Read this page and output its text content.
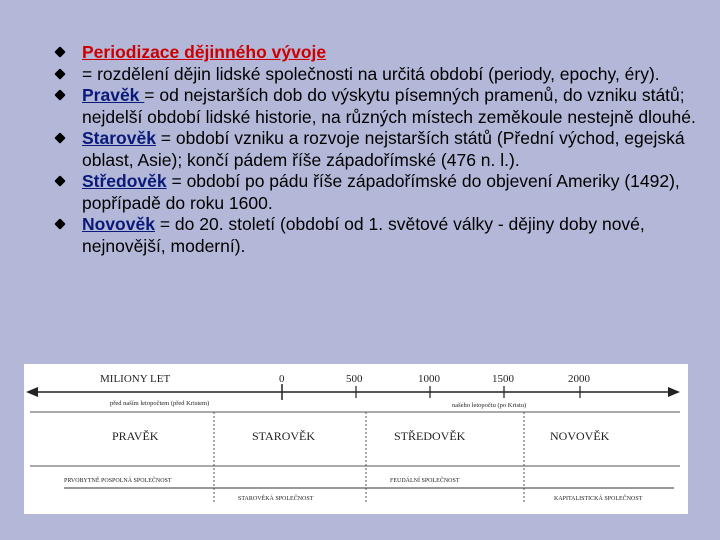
Periodizace dějinného vývoje
= rozdělení dějin lidské společnosti na určitá období (periody, epochy, éry).
Pravěk = od nejstarších dob do výskytu písemných pramenů, do vzniku států; nejdelší období lidské historie, na různých místech zeměkoule nestejně dlouhé.
Starověk = období vzniku a rozvoje nejstarších států (Přední východ, egejská oblast, Asie); končí pádem říše západořímské (476 n. l.).
Středověk = období po pádu říše západořímské do objevení Ameriky (1492), popřípadě do roku 1600.
Novověk = do 20. století (období od 1. světové války - dějiny doby nové, nejnovější, moderní).
MILIONY LET	0	500	1000	1500	2000
před naším letopočtem (před Kristem)	našeho letopočtu (po Kristu)
PRAVĚK	STAROVĚK	STŘEDOVĚK	NOVOVĚK
PRVOBYTNĚ POSPOLNÁ SPOLEČNOST
STAROVĚKÁ SPOLEČNOST
FEUDÁLNÍ SPOLEČNOST
KAPITALISTICKÁ SPOLEČNOST
